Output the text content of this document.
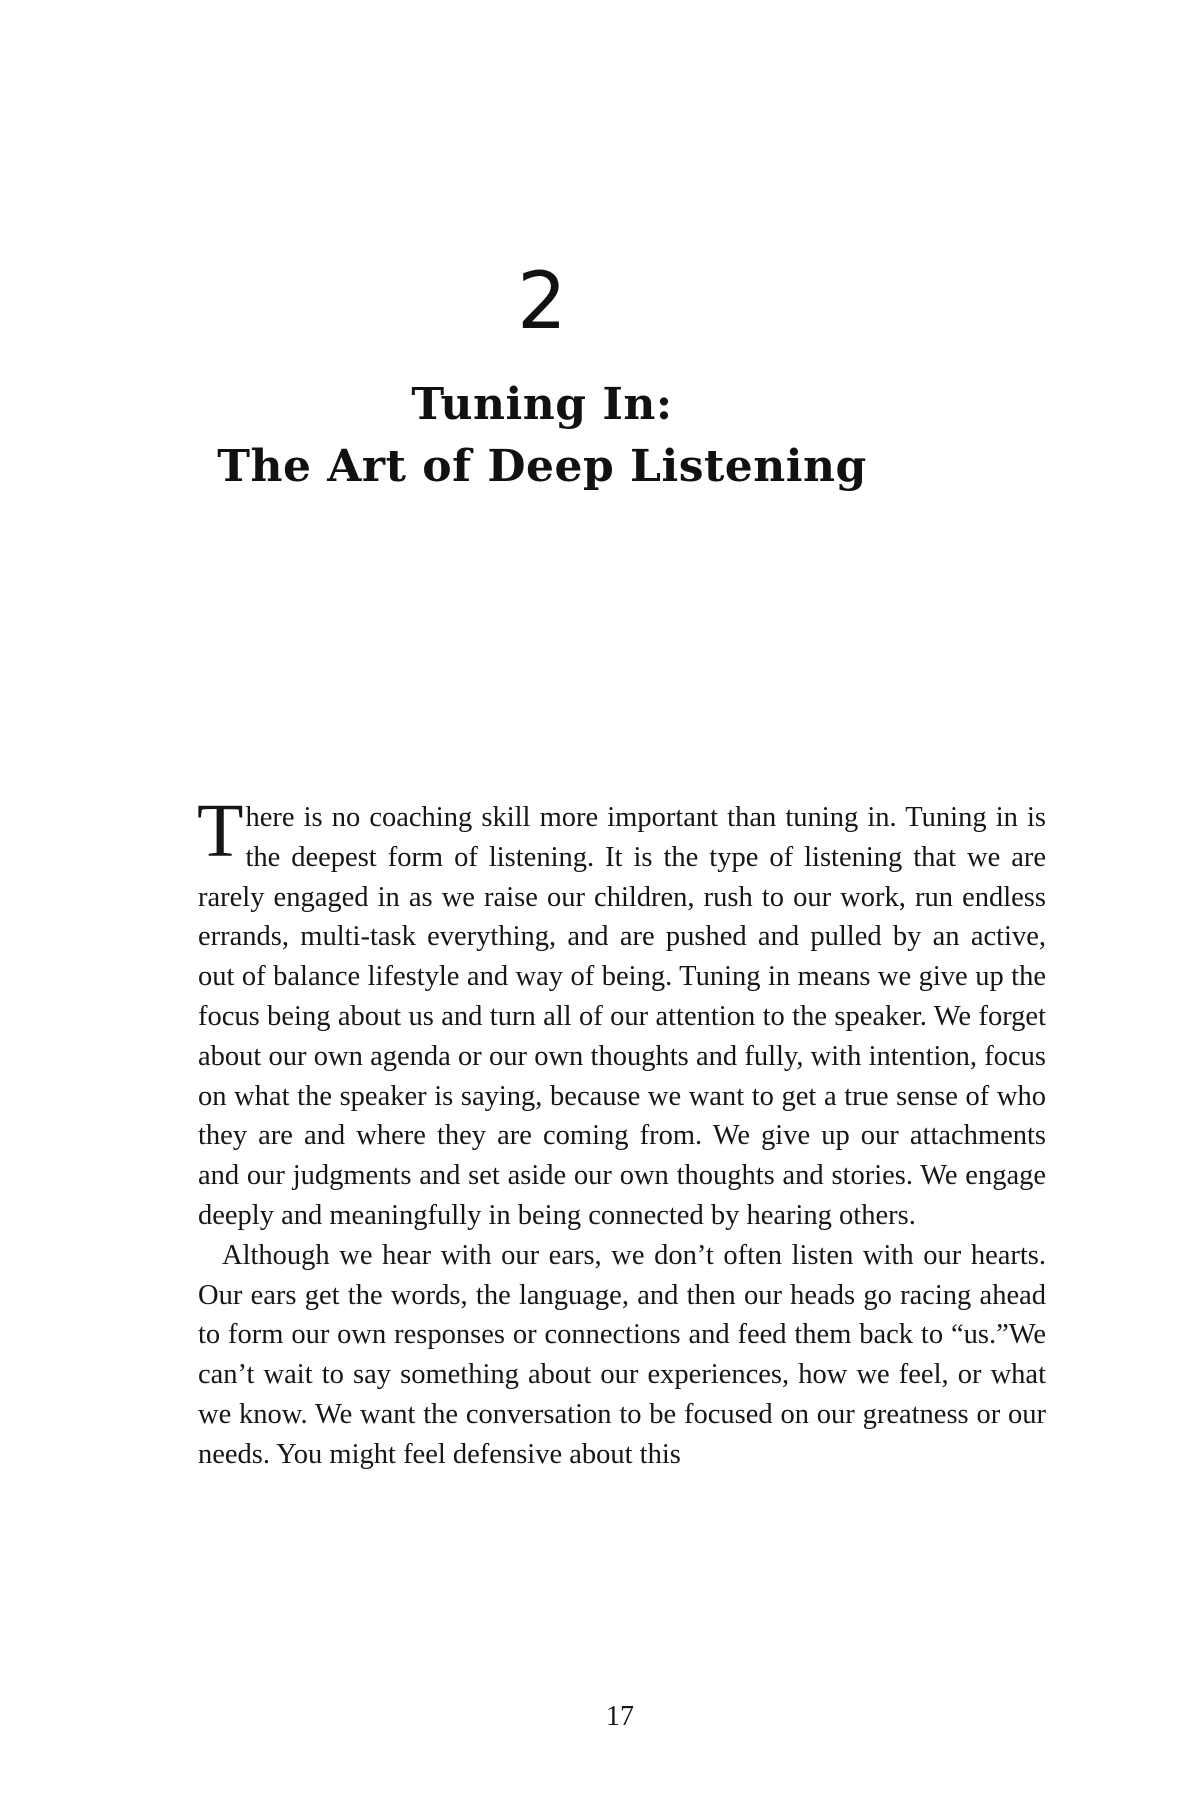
2
Tuning In:
The Art of Deep Listening

There is no coaching skill more important than tuning in. Tuning in is the deepest form of listening. It is the type of listening that we are rarely engaged in as we raise our children, rush to our work, run endless errands, multi-task everything, and are pushed and pulled by an active, out of balance lifestyle and way of being. Tuning in means we give up the focus being about us and turn all of our attention to the speaker. We forget about our own agenda or our own thoughts and fully, with intention, focus on what the speaker is saying, because we want to get a true sense of who they are and where they are coming from. We give up our attachments and our judgments and set aside our own thoughts and stories. We engage deeply and meaningfully in being connected by hearing others.

Although we hear with our ears, we don’t often listen with our hearts. Our ears get the words, the language, and then our heads go racing ahead to form our own responses or connections and feed them back to “us.”We can’t wait to say something about our experiences, how we feel, or what we know. We want the conversation to be focused on our greatness or our needs. You might feel defensive about this

17
